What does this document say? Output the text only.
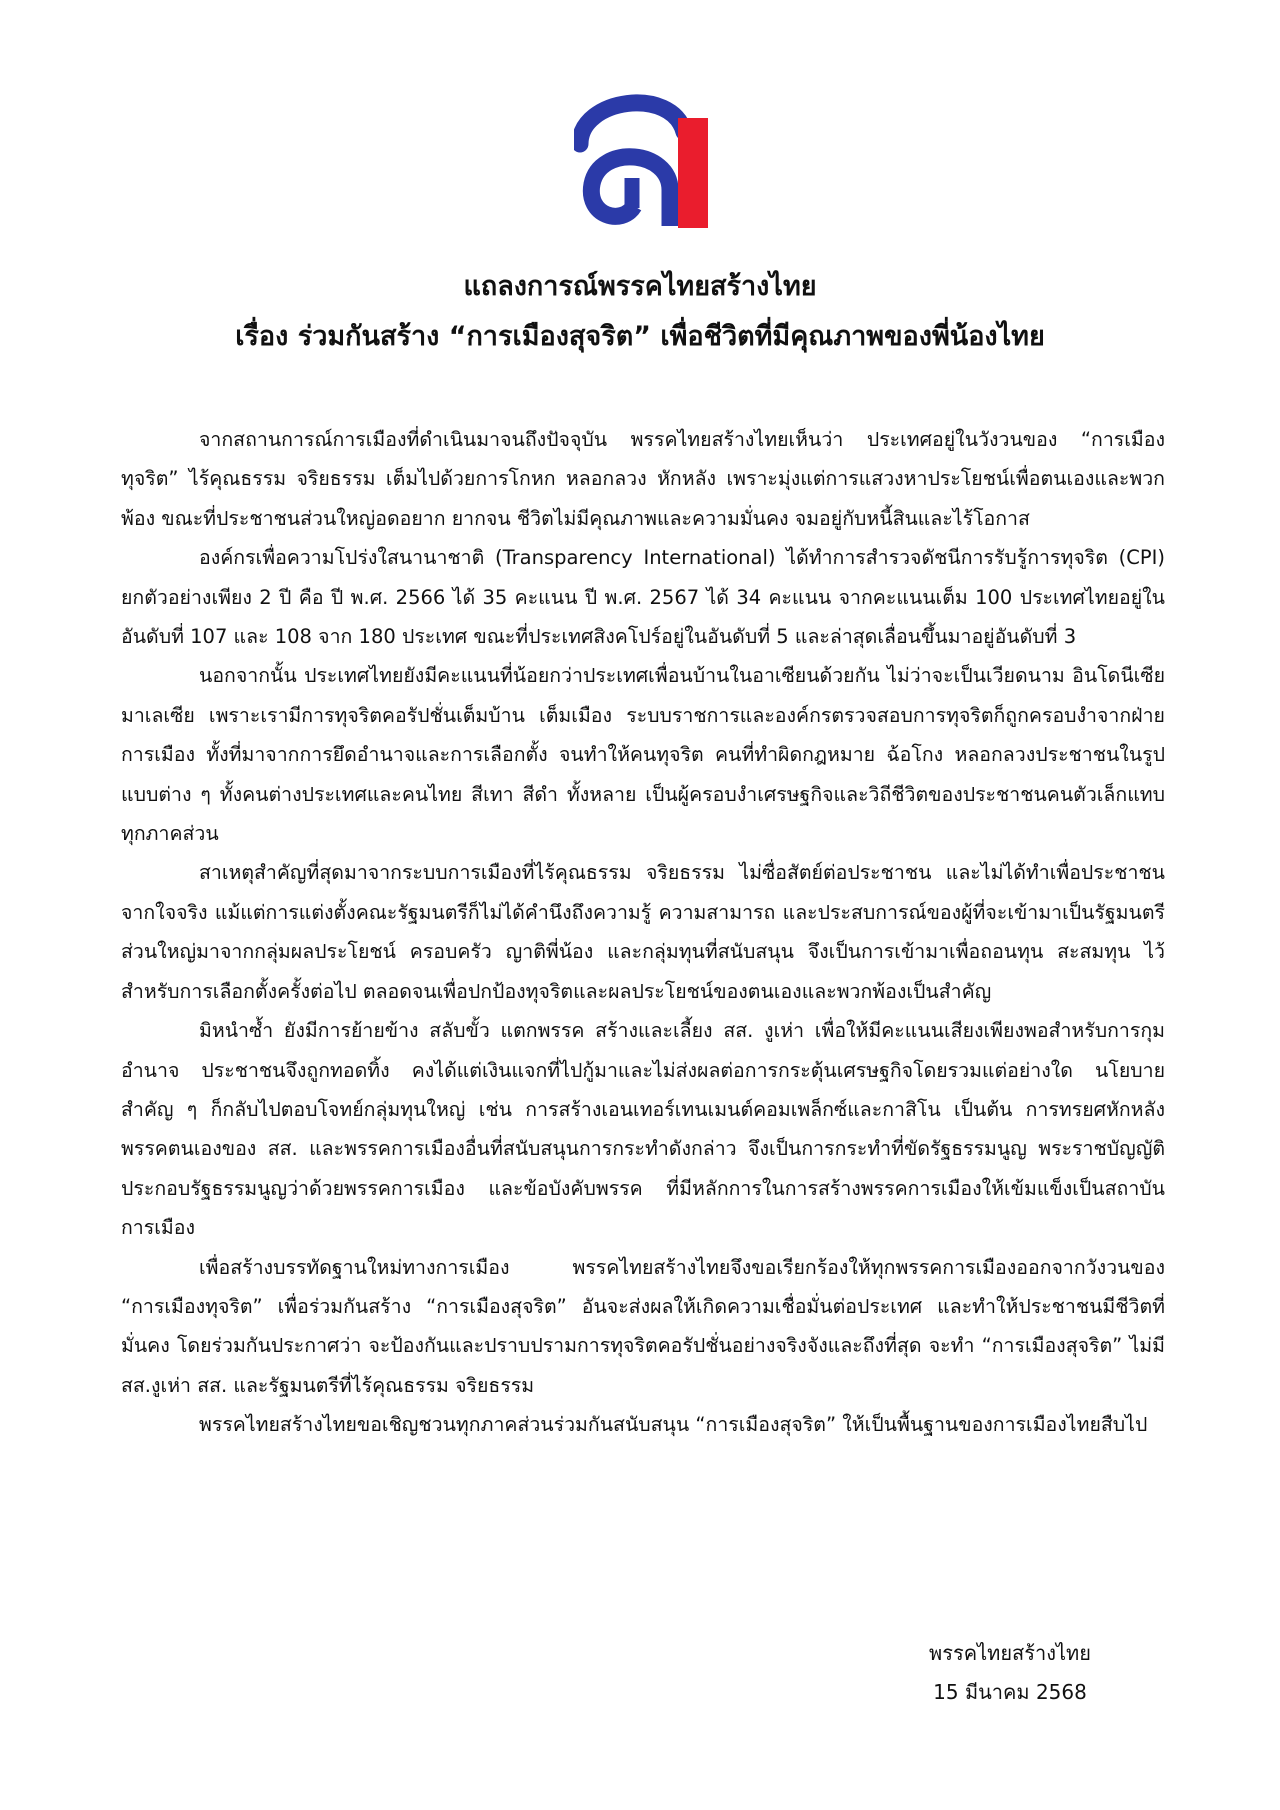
แถลงการณ์พรรคไทยสร้างไทย
เรื่อง ร่วมกันสร้าง “การเมืองสุจริต” เพื่อชีวิตที่มีคุณภาพของพี่น้องไทย

จากสถานการณ์การเมืองที่ดำเนินมาจนถึงปัจจุบัน พรรคไทยสร้างไทยเห็นว่า ประเทศอยู่ในวังวนของ “การเมืองทุจริต” ไร้คุณธรรม จริยธรรม เต็มไปด้วยการโกหก หลอกลวง หักหลัง เพราะมุ่งแต่การแสวงหาประโยชน์เพื่อตนเองและพวกพ้อง ขณะที่ประชาชนส่วนใหญ่อดอยาก ยากจน ชีวิตไม่มีคุณภาพและความมั่นคง จมอยู่กับหนี้สินและไร้โอกาส

องค์กรเพื่อความโปร่งใสนานาชาติ (Transparency International) ได้ทำการสำรวจดัชนีการรับรู้การทุจริต (CPI) ยกตัวอย่างเพียง 2 ปี คือ ปี พ.ศ. 2566 ได้ 35 คะแนน ปี พ.ศ. 2567 ได้ 34 คะแนน จากคะแนนเต็ม 100 ประเทศไทยอยู่ในอันดับที่ 107 และ 108 จาก 180 ประเทศ ขณะที่ประเทศสิงคโปร์อยู่ในอันดับที่ 5 และล่าสุดเลื่อนขึ้นมาอยู่อันดับที่ 3

นอกจากนั้น ประเทศไทยยังมีคะแนนที่น้อยกว่าประเทศเพื่อนบ้านในอาเซียนด้วยกัน ไม่ว่าจะเป็นเวียดนาม อินโดนีเซีย มาเลเซีย เพราะเรามีการทุจริตคอรัปชั่นเต็มบ้าน เต็มเมือง ระบบราชการและองค์กรตรวจสอบการทุจริตก็ถูกครอบงำจากฝ่ายการเมือง ทั้งที่มาจากการยึดอำนาจและการเลือกตั้ง จนทำให้คนทุจริต คนที่ทำผิดกฎหมาย ฉ้อโกง หลอกลวงประชาชนในรูปแบบต่าง ๆ ทั้งคนต่างประเทศและคนไทย สีเทา สีดำ ทั้งหลาย เป็นผู้ครอบงำเศรษฐกิจและวิถีชีวิตของประชาชนคนตัวเล็กแทบทุกภาคส่วน

สาเหตุสำคัญที่สุดมาจากระบบการเมืองที่ไร้คุณธรรม จริยธรรม ไม่ซื่อสัตย์ต่อประชาชน และไม่ได้ทำเพื่อประชาชนจากใจจริง แม้แต่การแต่งตั้งคณะรัฐมนตรีก็ไม่ได้คำนึงถึงความรู้ ความสามารถ และประสบการณ์ของผู้ที่จะเข้ามาเป็นรัฐมนตรี ส่วนใหญ่มาจากกลุ่มผลประโยชน์ ครอบครัว ญาติพี่น้อง และกลุ่มทุนที่สนับสนุน จึงเป็นการเข้ามาเพื่อถอนทุน สะสมทุน ไว้สำหรับการเลือกตั้งครั้งต่อไป ตลอดจนเพื่อปกป้องทุจริตและผลประโยชน์ของตนเองและพวกพ้องเป็นสำคัญ

มิหนำซ้ำ ยังมีการย้ายข้าง สลับขั้ว แตกพรรค สร้างและเลี้ยง สส. งูเห่า เพื่อให้มีคะแนนเสียงเพียงพอสำหรับการกุมอำนาจ ประชาชนจึงถูกทอดทิ้ง คงได้แต่เงินแจกที่ไปกู้มาและไม่ส่งผลต่อการกระตุ้นเศรษฐกิจโดยรวมแต่อย่างใด นโยบายสำคัญ ๆ ก็กลับไปตอบโจทย์กลุ่มทุนใหญ่ เช่น การสร้างเอนเทอร์เทนเมนต์คอมเพล็กซ์และกาสิโน เป็นต้น การทรยศหักหลังพรรคตนเองของ สส. และพรรคการเมืองอื่นที่สนับสนุนการกระทำดังกล่าว จึงเป็นการกระทำที่ขัดรัฐธรรมนูญ พระราชบัญญัติประกอบรัฐธรรมนูญว่าด้วยพรรคการเมือง และข้อบังคับพรรค ที่มีหลักการในการสร้างพรรคการเมืองให้เข้มแข็งเป็นสถาบันการเมือง

เพื่อสร้างบรรทัดฐานใหม่ทางการเมือง พรรคไทยสร้างไทยจึงขอเรียกร้องให้ทุกพรรคการเมืองออกจากวังวนของ “การเมืองทุจริต” เพื่อร่วมกันสร้าง “การเมืองสุจริต” อันจะส่งผลให้เกิดความเชื่อมั่นต่อประเทศ และทำให้ประชาชนมีชีวิตที่มั่นคง โดยร่วมกันประกาศว่า จะป้องกันและปราบปรามการทุจริตคอรัปชั่นอย่างจริงจังและถึงที่สุด จะทำ “การเมืองสุจริต” ไม่มี สส.งูเห่า สส. และรัฐมนตรีที่ไร้คุณธรรม จริยธรรม

พรรคไทยสร้างไทยขอเชิญชวนทุกภาคส่วนร่วมกันสนับสนุน “การเมืองสุจริต” ให้เป็นพื้นฐานของการเมืองไทยสืบไป

พรรคไทยสร้างไทย
15 มีนาคม 2568
